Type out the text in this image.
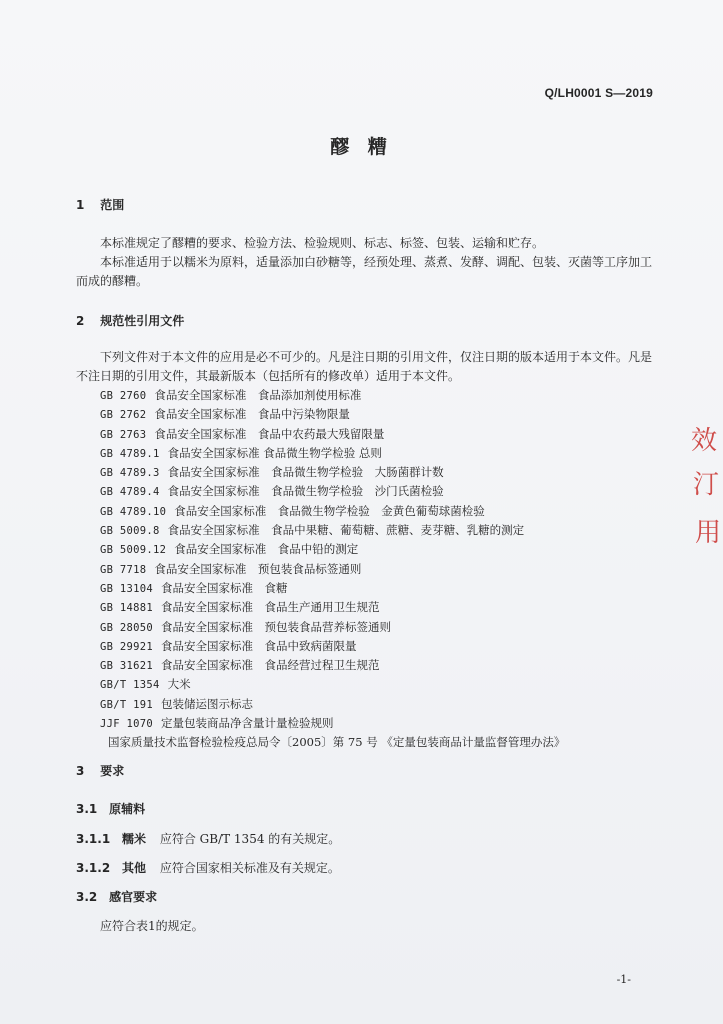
Q/LH0001 S—2019
醪 糟
1 范围
本标准规定了醪糟的要求、检验方法、检验规则、标志、标签、包装、运输和贮存。
本标准适用于以糯米为原料，适量添加白砂糖等，经预处理、蒸煮、发酵、调配、包装、灭菌等工序加工而成的醪糟。
2 规范性引用文件
下列文件对于本文件的应用是必不可少的。凡是注日期的引用文件，仅注日期的版本适用于本文件。凡是不注日期的引用文件，其最新版本（包括所有的修改单）适用于本文件。
GB 2760 食品安全国家标准　食品添加剂使用标准
GB 2762 食品安全国家标准　食品中污染物限量
GB 2763 食品安全国家标准　食品中农药最大残留限量
GB 4789.1 食品安全国家标准 食品微生物学检验 总则
GB 4789.3 食品安全国家标准　食品微生物学检验　大肠菌群计数
GB 4789.4 食品安全国家标准　食品微生物学检验　沙门氏菌检验
GB 4789.10 食品安全国家标准　食品微生物学检验　金黄色葡萄球菌检验
GB 5009.8 食品安全国家标准　食品中果糖、葡萄糖、蔗糖、麦芽糖、乳糖的测定
GB 5009.12 食品安全国家标准　食品中铅的测定
GB 7718 食品安全国家标准　预包装食品标签通则
GB 13104 食品安全国家标准　食糖
GB 14881 食品安全国家标准　食品生产通用卫生规范
GB 28050 食品安全国家标准　预包装食品营养标签通则
GB 29921 食品安全国家标准　食品中致病菌限量
GB 31621 食品安全国家标准　食品经营过程卫生规范
GB/T 1354 大米
GB/T 191 包装储运图示标志
JJF 1070 定量包装商品净含量计量检验规则
国家质量技术监督检验检疫总局令〔2005〕第 75 号 《定量包装商品计量监督管理办法》
3 要求
3.1 原辅料
3.1.1 糯米 应符合 GB/T 1354 的有关规定。
3.1.2 其他 应符合国家相关标准及有关规定。
3.2 感官要求
应符合表1的规定。
-1-
效
汀
用
